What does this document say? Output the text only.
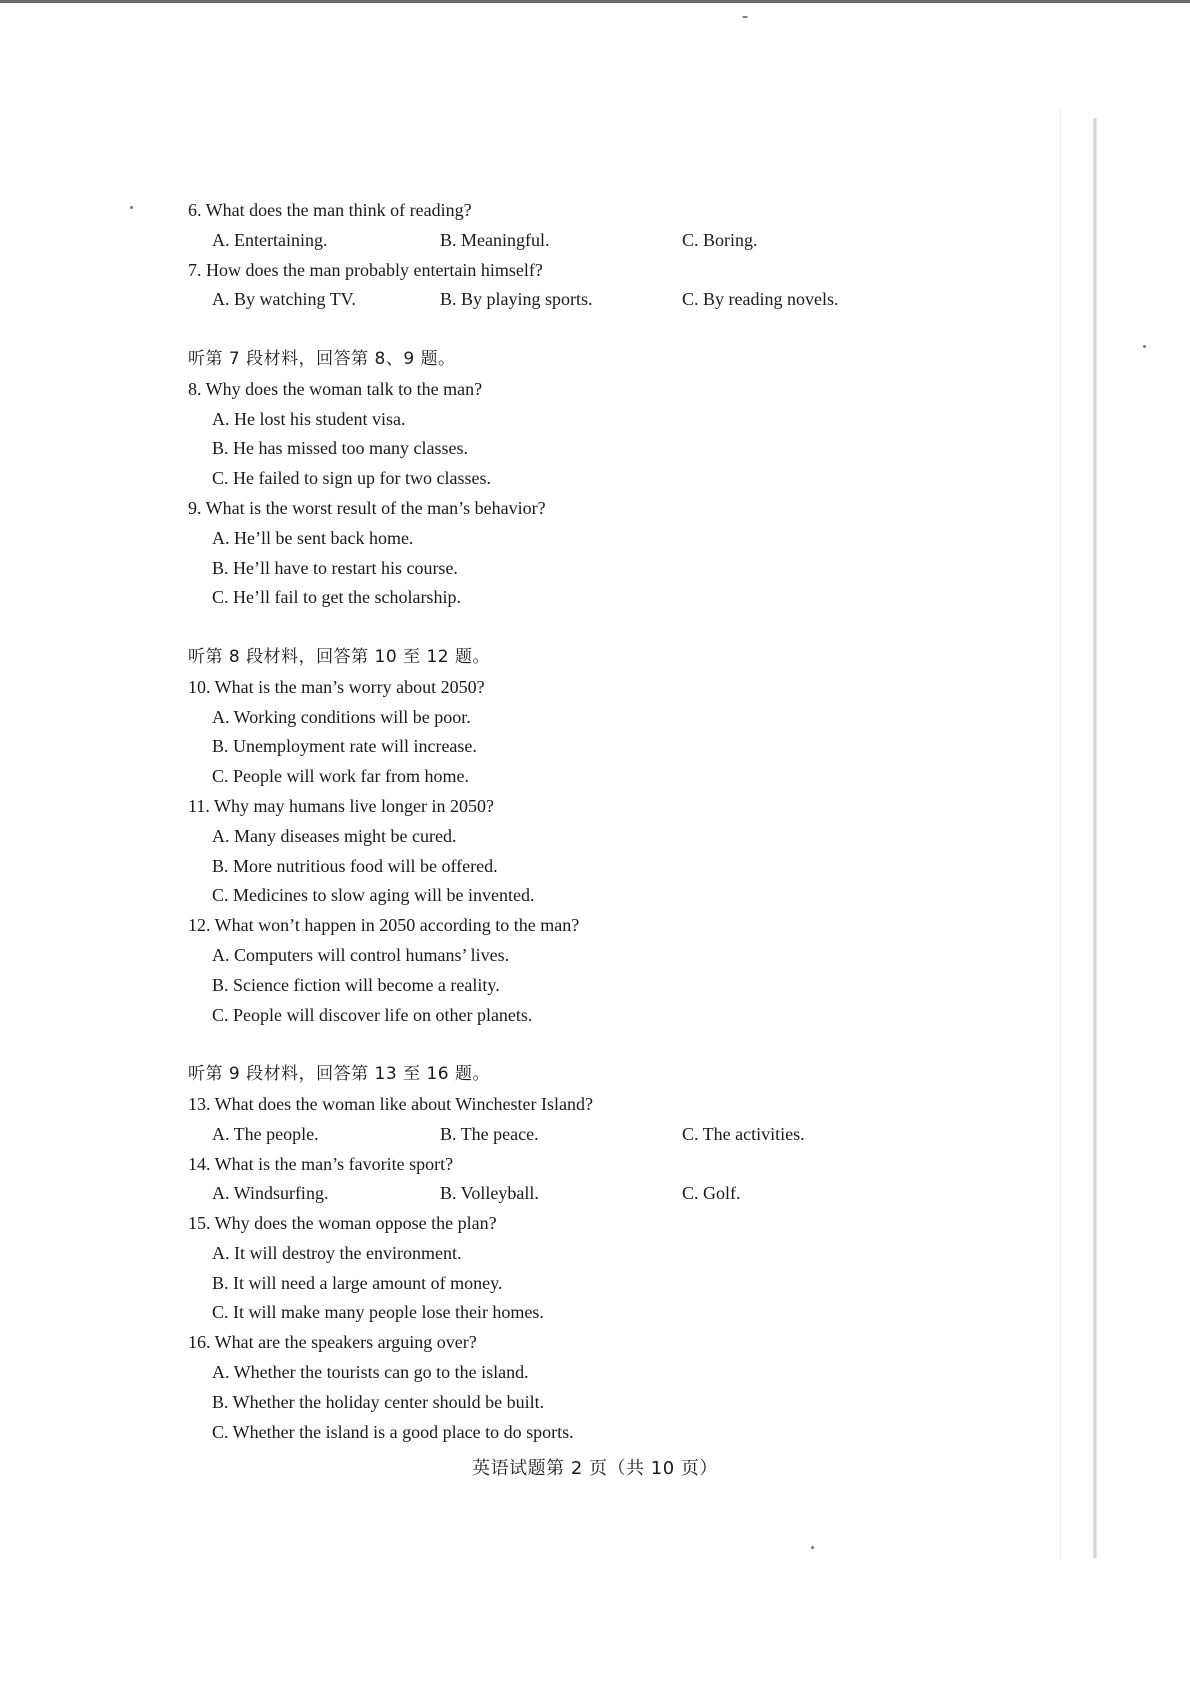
6. What does the man think of reading?
A. Entertaining.	B. Meaningful.	C. Boring.
7. How does the man probably entertain himself?
A. By watching TV.	B. By playing sports.	C. By reading novels.
听第 7 段材料，回答第 8、9 题。
8. Why does the woman talk to the man?
A. He lost his student visa.
B. He has missed too many classes.
C. He failed to sign up for two classes.
9. What is the worst result of the man’s behavior?
A. He’ll be sent back home.
B. He’ll have to restart his course.
C. He’ll fail to get the scholarship.
听第 8 段材料，回答第 10 至 12 题。
10. What is the man’s worry about 2050?
A. Working conditions will be poor.
B. Unemployment rate will increase.
C. People will work far from home.
11. Why may humans live longer in 2050?
A. Many diseases might be cured.
B. More nutritious food will be offered.
C. Medicines to slow aging will be invented.
12. What won’t happen in 2050 according to the man?
A. Computers will control humans’ lives.
B. Science fiction will become a reality.
C. People will discover life on other planets.
听第 9 段材料，回答第 13 至 16 题。
13. What does the woman like about Winchester Island?
A. The people.	B. The peace.	C. The activities.
14. What is the man’s favorite sport?
A. Windsurfing.	B. Volleyball.	C. Golf.
15. Why does the woman oppose the plan?
A. It will destroy the environment.
B. It will need a large amount of money.
C. It will make many people lose their homes.
16. What are the speakers arguing over?
A. Whether the tourists can go to the island.
B. Whether the holiday center should be built.
C. Whether the island is a good place to do sports.
英语试题第 2 页（共 10 页）
